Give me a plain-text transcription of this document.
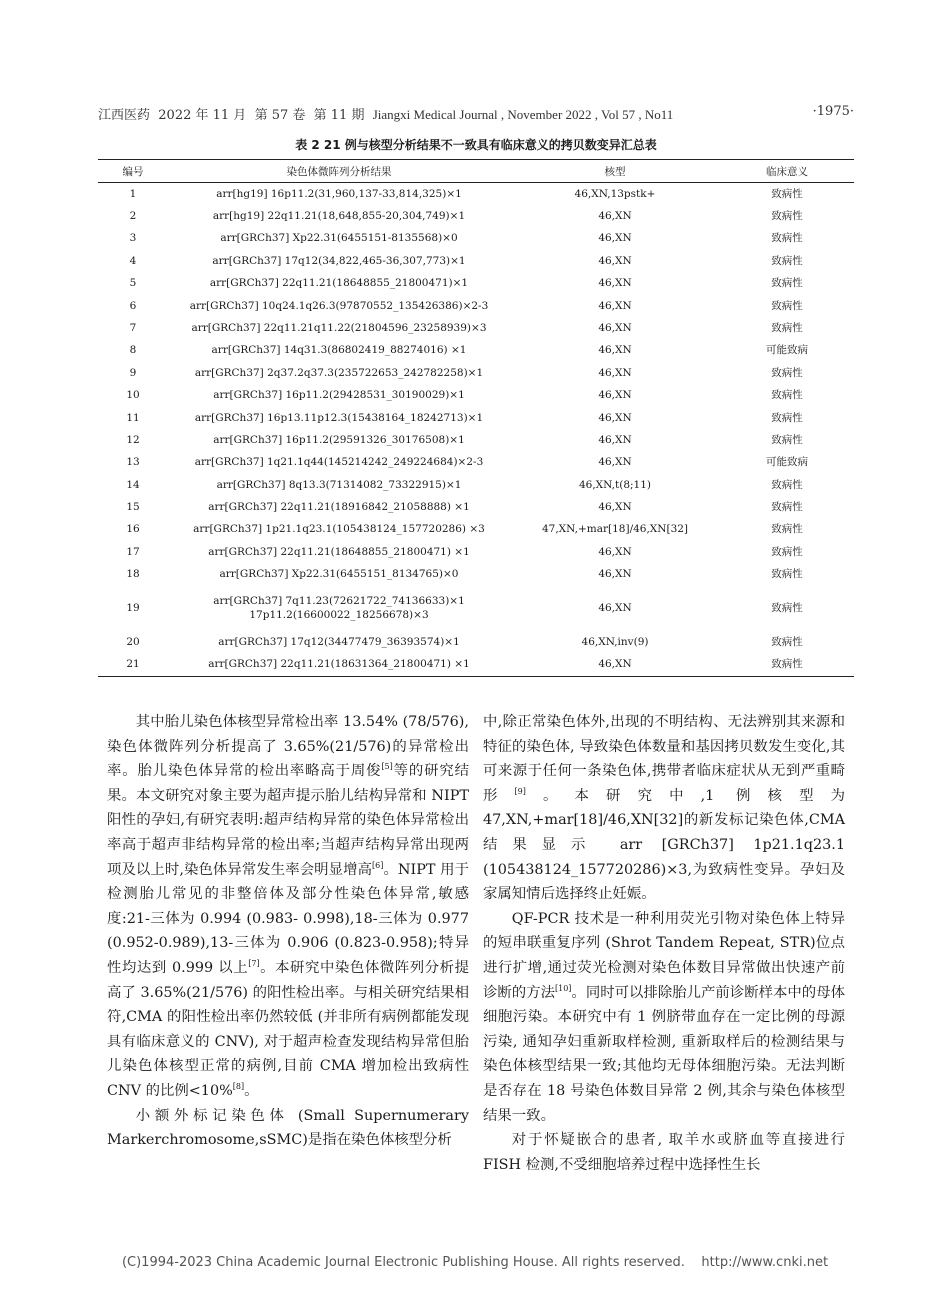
江西医药 2022 年 11 月 第 57 卷 第 11 期 Jiangxi Medical Journal , November 2022 , Vol 57 , No11	·1975·
表 2 21 例与核型分析结果不一致具有临床意义的拷贝数变异汇总表
编号	染色体微阵列分析结果	核型	临床意义
1	arr[hg19] 16p11.2(31,960,137-33,814,325)×1	46,XN,13pstk+	致病性
2	arr[hg19] 22q11.21(18,648,855-20,304,749)×1	46,XN	致病性
3	arr[GRCh37] Xp22.31(6455151-8135568)×0	46,XN	致病性
4	arr[GRCh37] 17q12(34,822,465-36,307,773)×1	46,XN	致病性
5	arr[GRCh37] 22q11.21(18648855_21800471)×1	46,XN	致病性
6	arr[GRCh37] 10q24.1q26.3(97870552_135426386)×2-3	46,XN	致病性
7	arr[GRCh37] 22q11.21q11.22(21804596_23258939)×3	46,XN	致病性
8	arr[GRCh37] 14q31.3(86802419_88274016) ×1	46,XN	可能致病
9	arr[GRCh37] 2q37.2q37.3(235722653_242782258)×1	46,XN	致病性
10	arr[GRCh37] 16p11.2(29428531_30190029)×1	46,XN	致病性
11	arr[GRCh37] 16p13.11p12.3(15438164_18242713)×1	46,XN	致病性
12	arr[GRCh37] 16p11.2(29591326_30176508)×1	46,XN	致病性
13	arr[GRCh37] 1q21.1q44(145214242_249224684)×2-3	46,XN	可能致病
14	arr[GRCh37] 8q13.3(71314082_73322915)×1	46,XN,t(8;11)	致病性
15	arr[GRCh37] 22q11.21(18916842_21058888) ×1	46,XN	致病性
16	arr[GRCh37] 1p21.1q23.1(105438124_157720286) ×3	47,XN,+mar[18]/46,XN[32]	致病性
17	arr[GRCh37] 22q11.21(18648855_21800471) ×1	46,XN	致病性
18	arr[GRCh37] Xp22.31(6455151_8134765)×0	46,XN	致病性
19	arr[GRCh37] 7q11.23(72621722_74136633)×1
17p11.2(16600022_18256678)×3	46,XN	致病性
20	arr[GRCh37] 17q12(34477479_36393574)×1	46,XN,inv(9)	致病性
21	arr[GRCh37] 22q11.21(18631364_21800471) ×1	46,XN	致病性

其中胎儿染色体核型异常检出率 13.54% (78/576),染色体微阵列分析提高了 3.65%(21/576)的异常检出率。胎儿染色体异常的检出率略高于周俊[5]等的研究结果。本文研究对象主要为超声提示胎儿结构异常和 NIPT 阳性的孕妇,有研究表明:超声结构异常的染色体异常检出率高于超声非结构异常的检出率;当超声结构异常出现两项及以上时,染色体异常发生率会明显增高[6]。NIPT 用于检测胎儿常见的非整倍体及部分性染色体异常,敏感度:21-三体为 0.994 (0.983- 0.998),18-三体为 0.977 (0.952-0.989),13-三体为 0.906 (0.823-0.958);特异性均达到 0.999 以上[7]。本研究中染色体微阵列分析提高了 3.65%(21/576) 的阳性检出率。与相关研究结果相符,CMA 的阳性检出率仍然较低 (并非所有病例都能发现具有临床意义的 CNV), 对于超声检查发现结构异常但胎儿染色体核型正常的病例,目前 CMA 增加检出致病性 CNV 的比例<10%[8]。

小额外标记染色体 (Small Supernumerary Markerchromosome,sSMC)是指在染色体核型分析

中,除正常染色体外,出现的不明结构、无法辨别其来源和特征的染色体, 导致染色体数量和基因拷贝数发生变化,其可来源于任何一条染色体,携带者临床症状从无到严重畸形[9]。本研究中,1 例核型为 47,XN,+mar[18]/46,XN[32]的新发标记染色体,CMA 结果显示 arr [GRCh37] 1p21.1q23.1 (105438124_157720286)×3,为致病性变异。孕妇及家属知情后选择终止妊娠。

QF-PCR 技术是一种利用荧光引物对染色体上特异的短串联重复序列 (Shrot Tandem Repeat, STR)位点进行扩增,通过荧光检测对染色体数目异常做出快速产前诊断的方法[10]。同时可以排除胎儿产前诊断样本中的母体细胞污染。本研究中有 1 例脐带血存在一定比例的母源污染, 通知孕妇重新取样检测, 重新取样后的检测结果与染色体核型结果一致;其他均无母体细胞污染。无法判断是否存在 18 号染色体数目异常 2 例,其余与染色体核型结果一致。

对于怀疑嵌合的患者, 取羊水或脐血等直接进行 FISH 检测,不受细胞培养过程中选择性生长

(C)1994-2023 China Academic Journal Electronic Publishing House. All rights reserved. http://www.cnki.net
